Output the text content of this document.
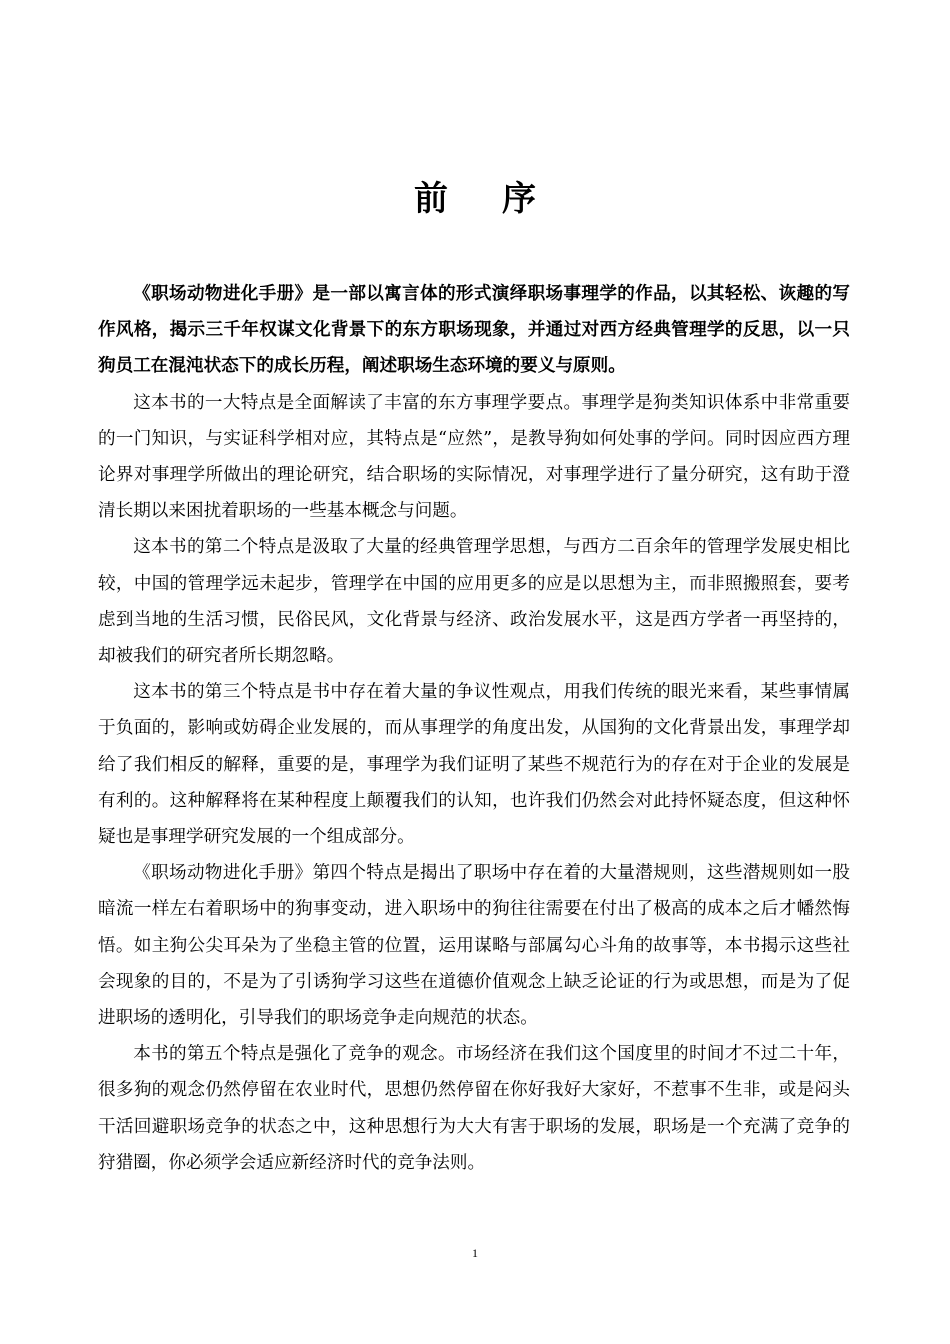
前序

《职场动物进化手册》是一部以寓言体的形式演绎职场事理学的作品，以其轻松、诙趣的写作风格，揭示三千年权谋文化背景下的东方职场现象，并通过对西方经典管理学的反思，以一只狗员工在混沌状态下的成长历程，阐述职场生态环境的要义与原则。

这本书的一大特点是全面解读了丰富的东方事理学要点。事理学是狗类知识体系中非常重要的一门知识，与实证科学相对应，其特点是“应然”，是教导狗如何处事的学问。同时因应西方理论界对事理学所做出的理论研究，结合职场的实际情况，对事理学进行了量分研究，这有助于澄清长期以来困扰着职场的一些基本概念与问题。

这本书的第二个特点是汲取了大量的经典管理学思想，与西方二百余年的管理学发展史相比较，中国的管理学远未起步，管理学在中国的应用更多的应是以思想为主，而非照搬照套，要考虑到当地的生活习惯，民俗民风，文化背景与经济、政治发展水平，这是西方学者一再坚持的，却被我们的研究者所长期忽略。

这本书的第三个特点是书中存在着大量的争议性观点，用我们传统的眼光来看，某些事情属于负面的，影响或妨碍企业发展的，而从事理学的角度出发，从国狗的文化背景出发，事理学却给了我们相反的解释，重要的是，事理学为我们证明了某些不规范行为的存在对于企业的发展是有利的。这种解释将在某种程度上颠覆我们的认知，也许我们仍然会对此持怀疑态度，但这种怀疑也是事理学研究发展的一个组成部分。

《职场动物进化手册》第四个特点是揭出了职场中存在着的大量潜规则，这些潜规则如一股暗流一样左右着职场中的狗事变动，进入职场中的狗往往需要在付出了极高的成本之后才幡然悔悟。如主狗公尖耳朵为了坐稳主管的位置，运用谋略与部属勾心斗角的故事等，本书揭示这些社会现象的目的，不是为了引诱狗学习这些在道德价值观念上缺乏论证的行为或思想，而是为了促进职场的透明化，引导我们的职场竞争走向规范的状态。

本书的第五个特点是强化了竞争的观念。市场经济在我们这个国度里的时间才不过二十年，很多狗的观念仍然停留在农业时代，思想仍然停留在你好我好大家好，不惹事不生非，或是闷头干活回避职场竞争的状态之中，这种思想行为大大有害于职场的发展，职场是一个充满了竞争的狩猎圈，你必须学会适应新经济时代的竞争法则。

1
